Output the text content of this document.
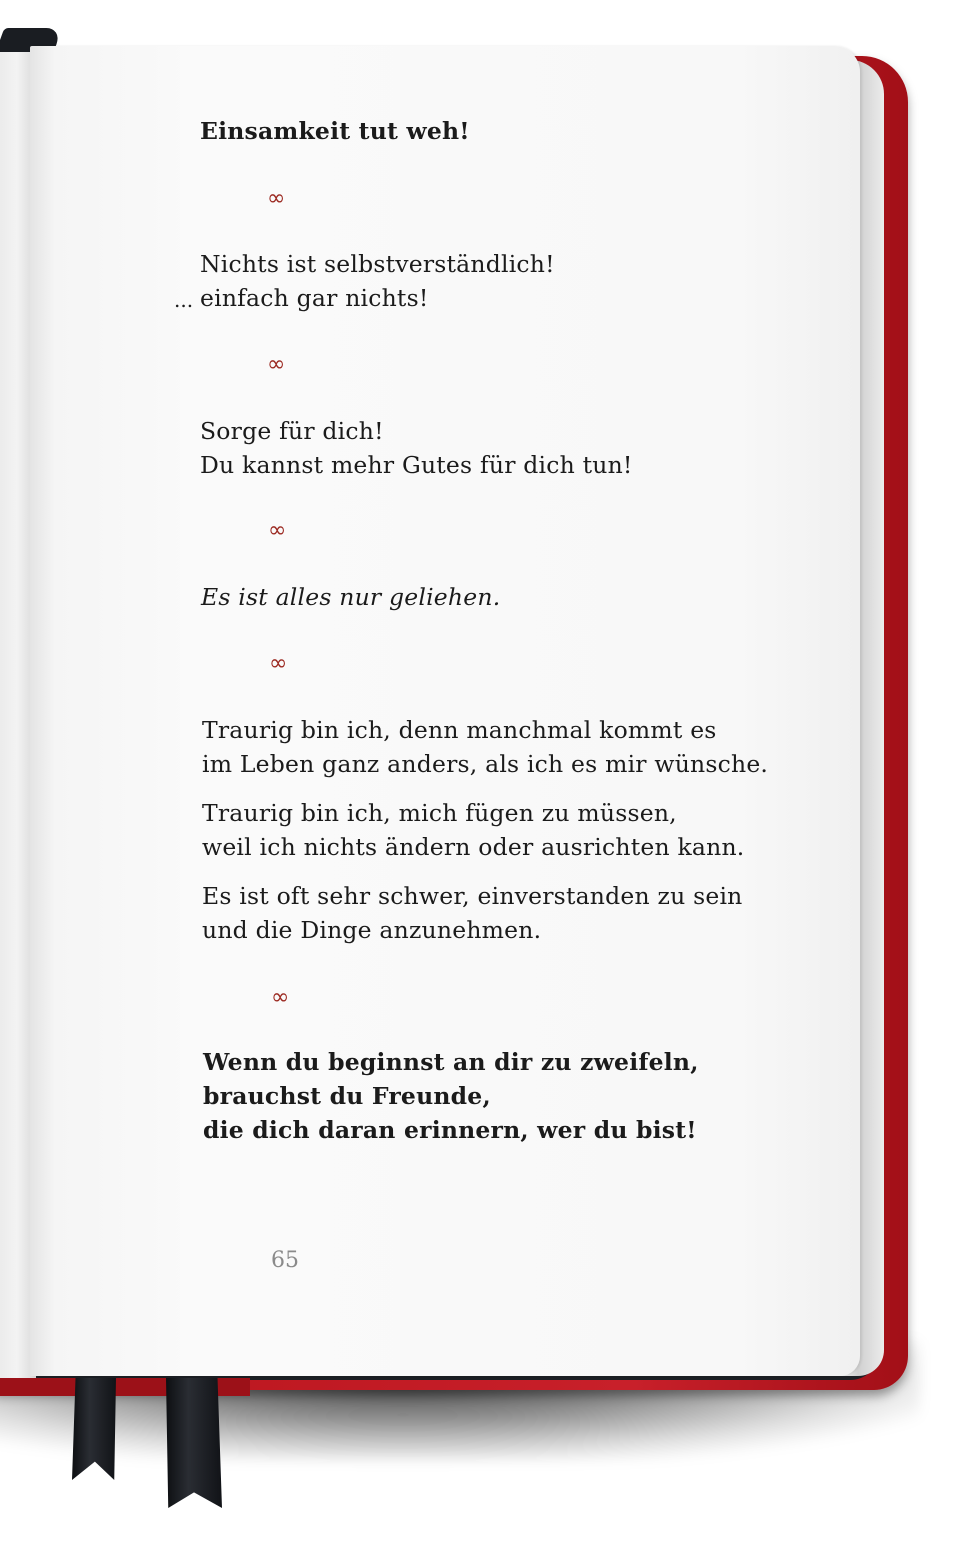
Einsamkeit tut weh!
∞
Nichts ist selbstverständlich!
einfach gar nichts!
...
∞
Sorge für dich!
Du kannst mehr Gutes für dich tun!
∞
Es ist alles nur geliehen.
∞
Traurig bin ich, denn manchmal kommt es
im Leben ganz anders, als ich es mir wünsche.
Traurig bin ich, mich fügen zu müssen,
weil ich nichts ändern oder ausrichten kann.
Es ist oft sehr schwer, einverstanden zu sein
und die Dinge anzunehmen.
∞
Wenn du beginnst an dir zu zweifeln,
brauchst du Freunde,
die dich daran erinnern, wer du bist!
65
